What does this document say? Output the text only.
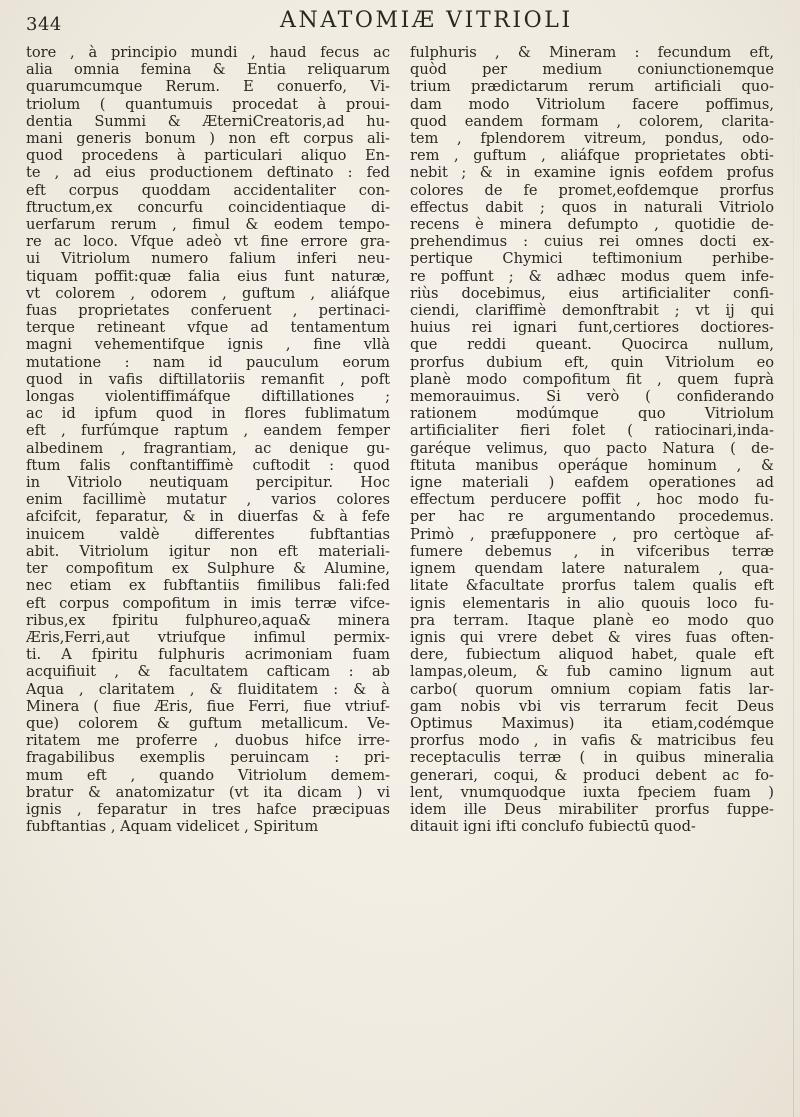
344	ANATOMIÆ VITRIOLI
tore , à principio mundi , haud fecus ac
alia omnia femina & Entia reliquarum
quarumcumque Rerum. E conuerfo, Vi-
triolum ( quantumuis procedat à proui-
dentia Summi & ÆterniCreatoris,ad hu-
mani generis bonum ) non eft corpus ali-
quod procedens à particulari aliquo En-
te , ad eius productionem deftinato : fed
eft corpus quoddam accidentaliter con-
ftructum,ex concurfu coincidentiaque di-
uerfarum rerum , fimul & eodem tempo-
re ac loco. Vfque adeò vt fine errore gra-
ui Vitriolum numero falium inferi neu-
tiquam poffit:quæ falia eius funt naturæ,
vt colorem , odorem , guftum , aliáfque
fuas proprietates conferuent , pertinaci-
terque retineant vfque ad tentamentum
magni vehementifque ignis , fine vllà
mutatione : nam id pauculum eorum
quod in vafis diftillatoriis remanfit , poft
longas violentiffimáfque diftillationes ;
ac id ipfum quod in flores fublimatum
eft , furfúmque raptum , eandem femper
albedinem , fragrantiam, ac denique gu-
ftum falis conftantiffimè cuftodit : quod
in Vitriolo neutiquam percipitur. Hoc
enim facillimè mutatur , varios colores
afcifcit, feparatur, & in diuerfas & à fefe
inuicem valdè differentes fubftantias
abit. Vitriolum igitur non eft materiali-
ter compofitum ex Sulphure & Alumine,
nec etiam ex fubftantiis fimilibus fali:fed
eft corpus compofitum in imis terræ vifce-
ribus,ex fpiritu fulphureo,aqua& minera
Æris,Ferri,aut vtriufque infimul permix-
ti. A fpiritu fulphuris acrimoniam fuam
acquifiuit , & facultatem cafticam : ab
Aqua , claritatem , & fluiditatem : & à
Minera ( fiue Æris, fiue Ferri, fiue vtriuf-
que) colorem & guftum metallicum. Ve-
ritatem me proferre , duobus hifce irre-
fragabilibus exemplis peruincam : pri-
mum eft , quando Vitriolum demem-
bratur & anatomizatur (vt ita dicam ) vi
ignis , feparatur in tres hafce præcipuas
fubftantias , Aquam videlicet , Spiritum
fulphuris , & Mineram : fecundum eft,
quòd per medium coniunctionemque
trium prædictarum rerum artificiali quo-
dam modo Vitriolum facere poffimus,
quod eandem formam , colorem, clarita-
tem , fplendorem vitreum, pondus, odo-
rem , guftum , aliáfque proprietates obti-
nebit ; & in examine ignis eofdem profus
colores de fe promet,eofdemque prorfus
effectus dabit ; quos in naturali Vitriolo
recens è minera defumpto , quotidie de-
prehendimus : cuius rei omnes docti ex-
pertique Chymici teftimonium perhibe-
re poffunt ; & adhæc modus quem infe-
riùs docebimus, eius artificialiter confi-
ciendi, clariffimè demonftrabit ; vt ij qui
huius rei ignari funt,certiores doctiores-
que reddi queant. Quocirca nullum,
prorfus dubium eft, quin Vitriolum eo
planè modo compofitum fit , quem fuprà
memorauimus. Si verò ( confiderando
rationem modúmque quo Vitriolum
artificialiter fieri folet ( ratiocinari,inda-
garéque velimus, quo pacto Natura ( de-
ftituta manibus operáque hominum , &
igne materiali ) eafdem operationes ad
effectum perducere poffit , hoc modo fu-
per hac re argumentando procedemus.
Primò , præfupponere , pro certòque af-
fumere debemus , in vifceribus terræ
ignem quendam latere naturalem , qua-
litate &facultate prorfus talem qualis eft
ignis elementaris in alio quouis loco fu-
pra terram. Itaque planè eo modo quo
ignis qui vrere debet & vires fuas often-
dere, fubiectum aliquod habet, quale eft
lampas,oleum, & fub camino lignum aut
carbo( quorum omnium copiam fatis lar-
gam nobis vbi vis terrarum fecit Deus
Optimus Maximus) ita etiam,codémque
prorfus modo , in vafis & matricibus feu
receptaculis terræ ( in quibus mineralia
generari, coqui, & produci debent ac fo-
lent, vnumquodque iuxta fpeciem fuam )
idem ille Deus mirabiliter prorfus fuppe-
ditauit igni ifti conclufo fubiectū quod-
